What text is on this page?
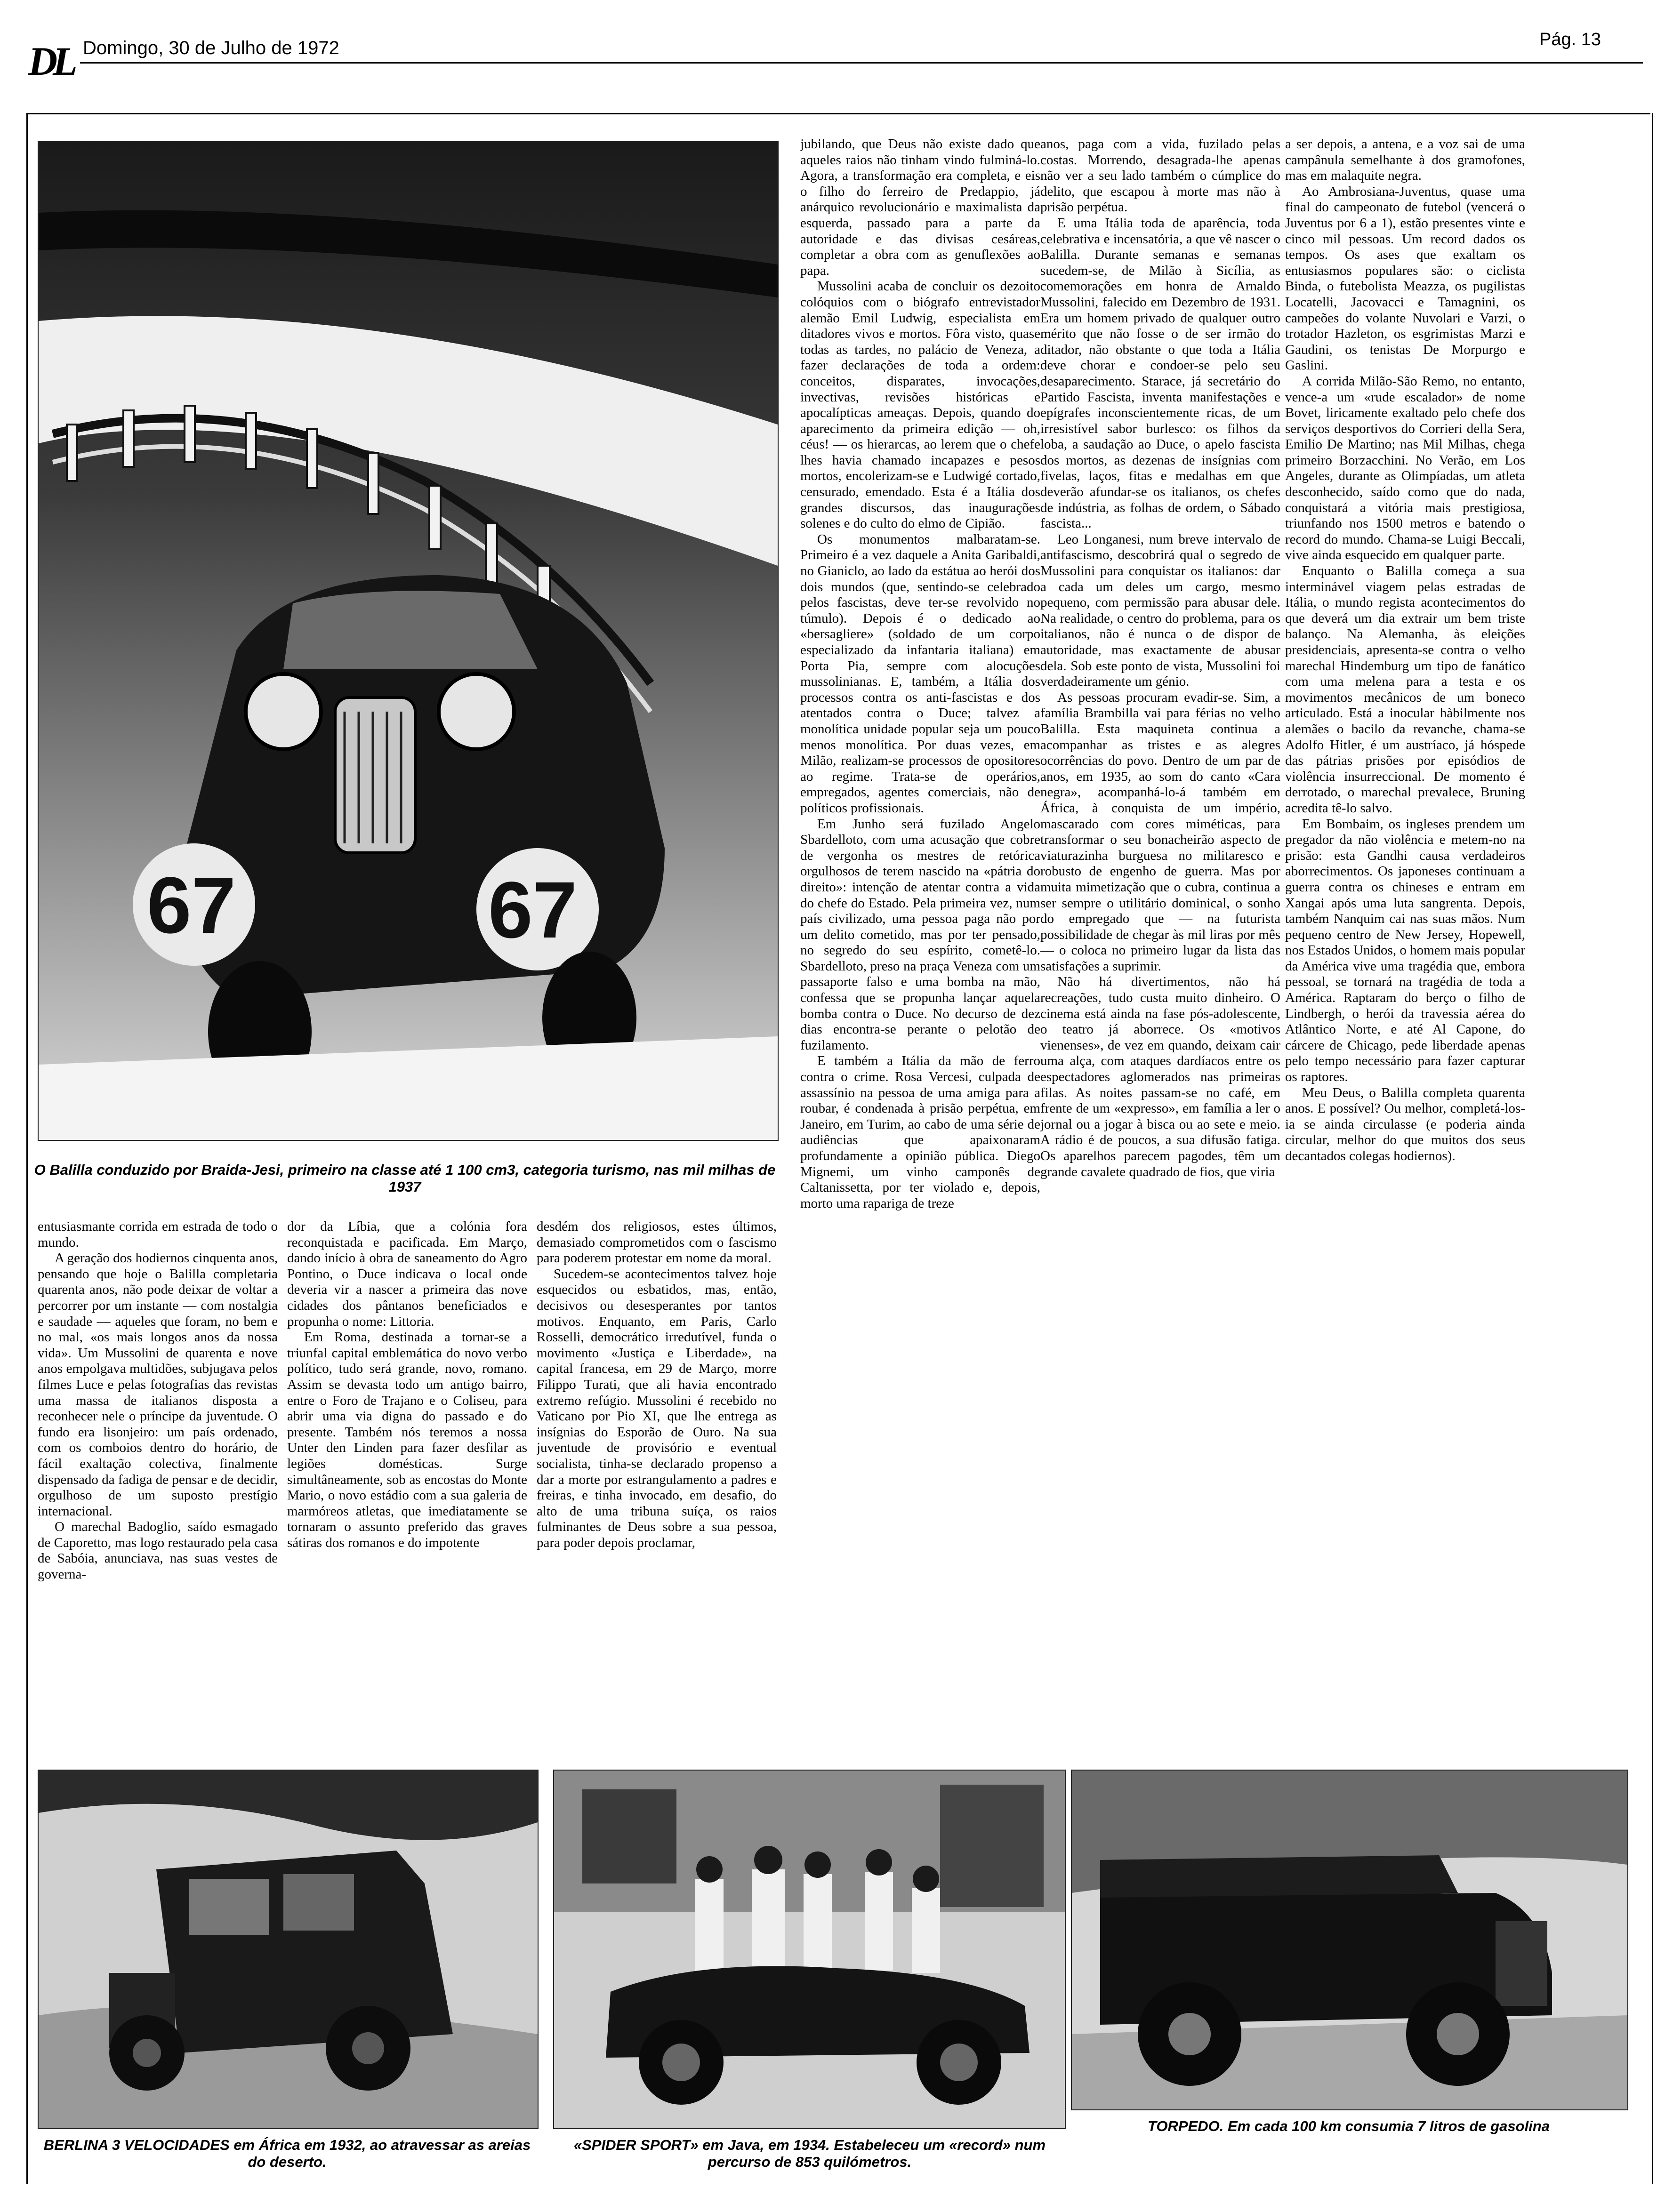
DL Domingo, 30 de Julho de 1972	Pág. 13
67	67
O Balilla conduzido por Braida-Jesi, primeiro na classe até 1 100 cm3, categoria turismo, nas mil milhas de 1937

jubilando, que Deus não existe dado que aqueles raios não tinham vindo fulminá-lo. Agora, a transformação era completa, e eis o filho do ferreiro de Predappio, já anárquico revolucionário e maximalista da esquerda, passado para a parte da autoridade e das divisas cesáreas, completar a obra com as genuflexões ao papa.

Mussolini acaba de concluir os dezoito colóquios com o biógrafo entrevistador alemão Emil Ludwig, especialista em ditadores vivos e mortos. Fôra visto, quase todas as tardes, no palácio de Veneza, a fazer declarações de toda a ordem: conceitos, disparates, invocações, invectivas, revisões históricas e apocalípticas ameaças. Depois, quando do aparecimento da primeira edição — oh, céus! — os hierarcas, ao lerem que o chefe lhes havia chamado incapazes e pesos mortos, encolerizam-se e Ludwigé cortado, censurado, emendado. Esta é a Itália dos grandes discursos, das inaugurações solenes e do culto do elmo de Cipião.

Os monumentos malbaratam-se. Primeiro é a vez daquele a Anita Garibaldi, no Gianiclo, ao lado da estátua ao herói dos dois mundos (que, sentindo-se celebrado pelos fascistas, deve ter-se revolvido no túmulo). Depois é o dedicado ao «bersagliere» (soldado de um corpo especializado da infantaria italiana) em Porta Pia, sempre com alocuções mussolinianas. E, também, a Itália dos processos contra os anti-fascistas e dos atentados contra o Duce; talvez a monolítica unidade popular seja um pouco menos monolítica. Por duas vezes, em Milão, realizam-se processos de opositores ao regime. Trata-se de operários, empregados, agentes comerciais, não de políticos profissionais.

Em Junho será fuzilado Angelo Sbardelloto, com uma acusação que cobre de vergonha os mestres de retórica orgulhosos de terem nascido na «pátria do direito»: intenção de atentar contra a vida do chefe do Estado. Pela primeira vez, num país civilizado, uma pessoa paga não por um delito cometido, mas por ter pensado, no segredo do seu espírito, cometê-lo. Sbardelloto, preso na praça Veneza com um passaporte falso e uma bomba na mão, confessa que se propunha lançar aquela bomba contra o Duce. No decurso de dez dias encontra-se perante o pelotão de fuzilamento.

E também a Itália da mão de ferro contra o crime. Rosa Vercesi, culpada de assassínio na pessoa de uma amiga para a roubar, é condenada à prisão perpétua, em Janeiro, em Turim, ao cabo de uma série de audiências que apaixonaram profundamente a opinião pública. Diego Mignemi, um vinho camponês de Caltanissetta, por ter violado e, depois, morto uma rapariga de treze

anos, paga com a vida, fuzilado pelas costas. Morrendo, desagrada-lhe apenas não ver a seu lado também o cúmplice do delito, que escapou à morte mas não à prisão perpétua.

E uma Itália toda de aparência, toda celebrativa e incensatória, a que vê nascer o Balilla. Durante semanas e semanas sucedem-se, de Milão à Sicília, as comemorações em honra de Arnaldo Mussolini, falecido em Dezembro de 1931. Era um homem privado de qualquer outro mérito que não fosse o de ser irmão do ditador, não obstante o que toda a Itália deve chorar e condoer-se pelo seu desaparecimento. Starace, já secretário do Partido Fascista, inventa manifestações e epígrafes inconscientemente ricas, de um irresistível sabor burlesco: os filhos da loba, a saudação ao Duce, o apelo fascista dos mortos, as dezenas de insígnias com fivelas, laços, fitas e medalhas em que deverão afundar-se os italianos, os chefes de indústria, as folhas de ordem, o Sábado fascista...

Leo Longanesi, num breve intervalo de antifascismo, descobrirá qual o segredo de Mussolini para conquistar os italianos: dar a cada um deles um cargo, mesmo pequeno, com permissão para abusar dele. Na realidade, o centro do problema, para os italianos, não é nunca o de dispor de autoridade, mas exactamente de abusar dela. Sob este ponto de vista, Mussolini foi verdadeiramente um génio.

As pessoas procuram evadir-se. Sim, a família Brambilla vai para férias no velho Balilla. Esta maquineta continua a acompanhar as tristes e as alegres ocorrências do povo. Dentro de um par de anos, em 1935, ao som do canto «Cara negra», acompanhá-lo-á também em África, à conquista de um império, mascarado com cores miméticas, para transformar o seu bonacheirão aspecto de viaturazinha burguesa no militaresco e robusto de engenho de guerra. Mas por muita mimetização que o cubra, continua a ser sempre o utilitário dominical, o sonho do empregado que — na futurista possibilidade de chegar às mil liras por mês — o coloca no primeiro lugar da lista das satisfações a suprimir.

Não há divertimentos, não há recreações, tudo custa muito dinheiro. O cinema está ainda na fase pós-adolescente, o teatro já aborrece. Os «motivos vienenses», de vez em quando, deixam cair uma alça, com ataques dardíacos entre os espectadores aglomerados nas primeiras filas. As noites passam-se no café, em frente de um «expresso», em família a ler o jornal ou a jogar à bisca ou ao sete e meio. A rádio é de poucos, a sua difusão fatigа. Os aparelhos parecem pagodes, têm um grande cavalete quadrado de fios, que viria

a ser depois, a antena, e a voz sai de uma campânula semelhante à dos gramofones, mas em malaquite negra.

Ao Ambrosiana-Juventus, quase uma final do campeonato de futebol (vencerá o Juventus por 6 a 1), estão presentes vinte e cinco mil pessoas. Um record dados os tempos. Os ases que exaltam os entusiasmos populares são: o ciclista Binda, o futebolista Meazza, os pugilistas Locatelli, Jacovacci e Tamagnini, os campeões do volante Nuvolari e Varzi, o trotador Hazleton, os esgrimistas Marzi e Gaudini, os tenistas De Morpurgo e Gaslini.

A corrida Milão-São Remo, no entanto, vence-a um «rude escalador» de nome Bovet, liricamente exaltado pelo chefe dos serviços desportivos do Corrieri della Sera, Emilio De Martino; nas Mil Milhas, chega primeiro Borzacchini. No Verão, em Los Angeles, durante as Olimpíadas, um atleta desconhecido, saído como que do nada, conquistará a vitória mais prestigiosa, triunfando nos 1500 metros e batendo o record do mundo. Chama-se Luigi Beccali, vive ainda esquecido em qualquer parte.

Enquanto o Balilla começa a sua interminável viagem pelas estradas de Itália, o mundo regista acontecimentos do que deverá um dia extrair um bem triste balanço. Na Alemanha, às eleições presidenciais, apresenta-se contra o velho marechal Hindemburg um tipo de fanático com uma melena para a testa e os movimentos mecânicos de um boneco articulado. Está a inocular hàbilmente nos alemães o bacilo da revanche, chama-se Adolfo Hitler, é um austríaco, já hóspede das pátrias prisões por episódios de violência insurreccional. De momento é derrotado, o marechal prevalece, Bruning acredita tê-lo salvo.

Em Bombaim, os ingleses prendem um pregador da não violência e metem-no na prisão: esta Gandhi causa verdadeiros aborrecimentos. Os japoneses continuam a guerra contra os chineses e entram em Xangai após uma luta sangrenta. Depois, também Nanquim cai nas suas mãos. Num pequeno centro de New Jersey, Hopewell, nos Estados Unidos, o homem mais popular da América vive uma tragédia que, embora pessoal, se tornará na tragédia de toda a América. Raptaram do berço o filho de Lindbergh, o herói da travessia aérea do Atlântico Norte, e até Al Capone, do cárcere de Chicago, pede liberdade apenas pelo tempo necessário para fazer capturar os raptores.

Meu Deus, o Balilla completa quarenta anos. E possível? Ou melhor, completá-los-ia se ainda circulasse (e poderia ainda circular, melhor do que muitos dos seus decantados colegas hodiernos).

entusiasmante corrida em estrada de todo o mundo.

A geração dos hodiernos cinquenta anos, pensando que hoje o Balilla completaria quarenta anos, não pode deixar de voltar a percorrer por um instante — com nostalgia e saudade — aqueles que foram, no bem e no mal, «os mais longos anos da nossa vida». Um Mussolini de quarenta e nove anos empolgava multidões, subjugava pelos filmes Luce e pelas fotografias das revistas uma massa de italianos disposta a reconhecer nele o príncipe da juventude. O fundo era lisonjeiro: um país ordenado, com os comboios dentro do horário, de fácil exaltação colectiva, finalmente dispensado da fadiga de pensar e de decidir, orgulhoso de um suposto prestígio internacional.

O marechal Badoglio, saído esmagado de Caporetto, mas logo restaurado pela casa de Sabóia, anunciava, nas suas vestes de governa-

dor da Líbia, que a colónia fora reconquistada e pacificada. Em Março, dando início à obra de saneamento do Agro Pontino, o Duce indicava o local onde deveria vir a nascer a primeira das nove cidades dos pântanos beneficiados e propunha o nome: Littoria.

Em Roma, destinada a tornar-se a triunfal capital emblemática do novo verbo político, tudo será grande, novo, romano. Assim se devasta todo um antigo bairro, entre o Foro de Trajano e o Coliseu, para abrir uma via digna do passado e do presente. Também nós teremos a nossa Unter den Linden para fazer desfilar as legiões domésticas. Surge simultâneamente, sob as encostas do Monte Mario, o novo estádio com a sua galeria de marmóreos atletas, que imediatamente se tornaram o assunto preferido das graves sátiras dos romanos e do impotente

desdém dos religiosos, estes últimos, demasiado comprometidos com o fascismo para poderem protestar em nome da moral.

Sucedem-se acontecimentos talvez hoje esquecidos ou esbatidos, mas, então, decisivos ou desesperantes por tantos motivos. Enquanto, em Paris, Carlo Rosselli, democrático irredutível, funda o movimento «Justiça e Liberdade», na capital francesa, em 29 de Março, morre Filippo Turati, que ali havia encontrado extremo refúgio. Mussolini é recebido no Vaticano por Pio XI, que lhe entrega as insígnias do Esporão de Ouro. Na sua juventude de provisório e eventual socialista, tinha-se declarado propenso a dar a morte por estrangulamento a padres e freiras, e tinha invocado, em desafio, do alto de uma tribuna suíça, os raios fulminantes de Deus sobre a sua pessoa, para poder depois proclamar,

BERLINA 3 VELOCIDADES em África em 1932, ao atravessar as areias do deserto.
«SPIDER SPORT» em Java, em 1934. Estabeleceu um «record» num percurso de 853 quilómetros.
TORPEDO. Em cada 100 km consumia 7 litros de gasolina
